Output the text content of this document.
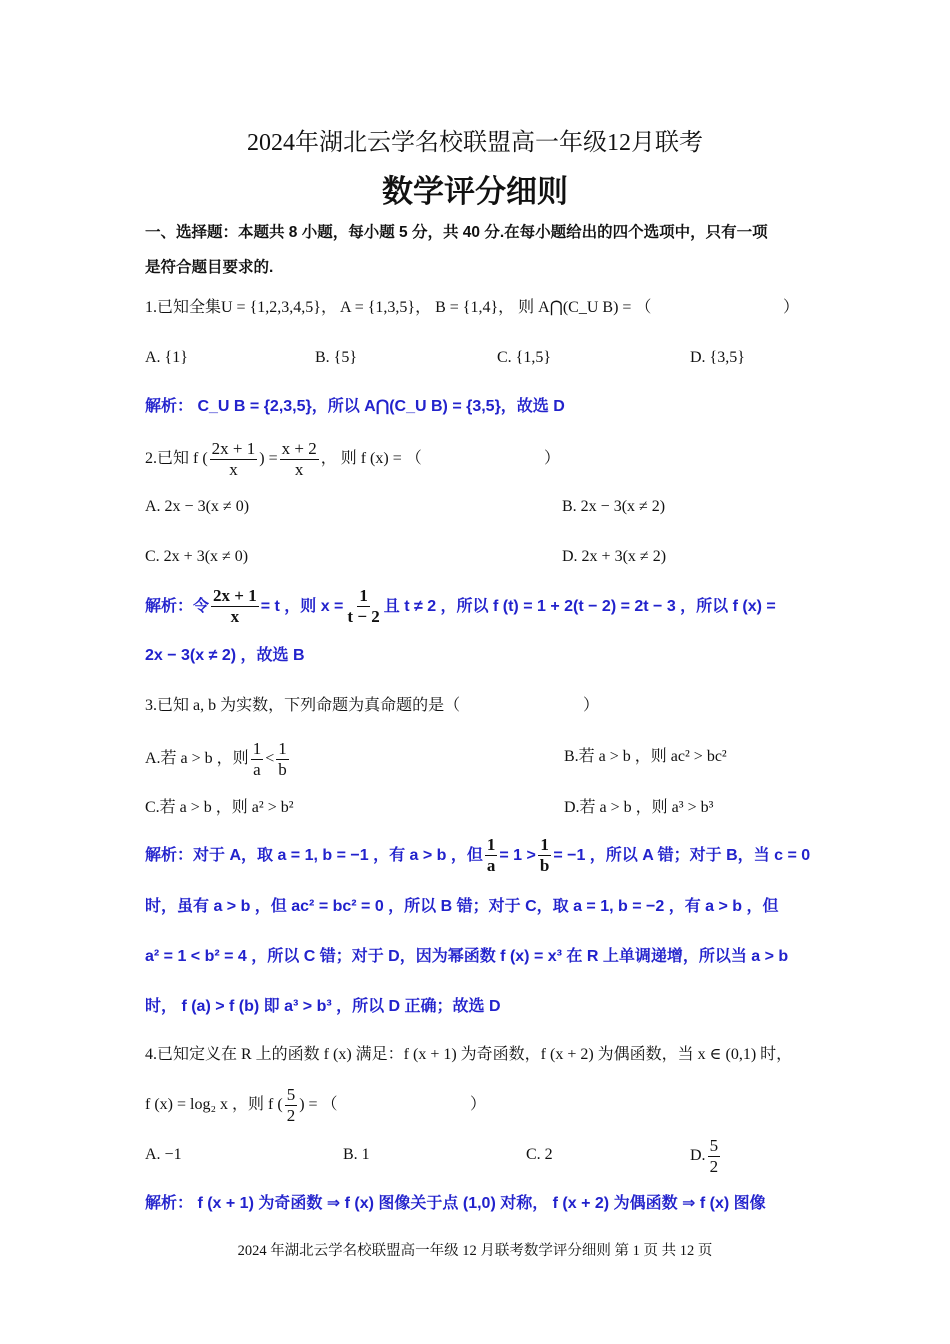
2024年湖北云学名校联盟高一年级12月联考
数学评分细则
一、选择题：本题共 8 小题，每小题 5 分，共 40 分.在每小题给出的四个选项中，只有一项
是符合题目要求的.
1.已知全集U = {1,2,3,4,5}， A = {1,3,5}， B = {1,4}， 则 A⋂(C_U B) = （	）
A. {1}	B. {5}	C. {1,5}	D. {3,5}
解析： C_U B = {2,3,5}，所以 A⋂(C_U B) = {3,5}，故选 D
2.已知 f ( $\frac{2x + 1}{x}$ ) = $\frac{x + 2}{x}$ ， 则 f (x) = （	）
A. 2x − 3(x ≠ 0)	B. 2x − 3(x ≠ 2)
C. 2x + 3(x ≠ 0)	D. 2x + 3(x ≠ 2)
解析：令 $\frac{2x + 1}{x} = t$ ，则 $x = \frac{1}{t - 2}$ 且 t ≠ 2 ，所以 f (t) = 1 + 2(t − 2) = 2t − 3 ，所以 f (x) =
2x − 3(x ≠ 2) ，故选 B
3.已知 a, b 为实数，下列命题为真命题的是（	）
A.若 a > b ，则 $\frac{1}{a} < \frac{1}{b}$	B.若 a > b ，则 ac² > bc²
C.若 a > b ，则 a² > b²	D.若 a > b ，则 a³ > b³
解析：对于 A，取 a = 1, b = −1 ，有 a > b ，但 $\frac{1}{a} = 1 > \frac{1}{b} = -1$ ，所以 A 错；对于 B，当 c = 0
时，虽有 a > b ，但 ac² = bc² = 0 ，所以 B 错；对于 C，取 a = 1, b = −2 ，有 a > b ，但
a² = 1 < b² = 4 ，所以 C 错；对于 D，因为幂函数 f (x) = x³ 在 R 上单调递增，所以当 a > b
时， f (a) > f (b) 即 a³ > b³ ，所以 D 正确；故选 D
4.已知定义在 R 上的函数 f (x) 满足：f (x + 1) 为奇函数，f (x + 2) 为偶函数，当 x ∈ (0,1) 时，
f (x) = log₂ x ，则 f ( $\frac{5}{2}$ ) = （	）
A. −1	B. 1	C. 2	D. $\frac{5}{2}$
解析： f (x + 1) 为奇函数 ⇒ f (x) 图像关于点 (1,0) 对称， f (x + 2) 为偶函数 ⇒ f (x) 图像
2024 年湖北云学名校联盟高一年级 12 月联考数学评分细则 第 1 页 共 12 页
